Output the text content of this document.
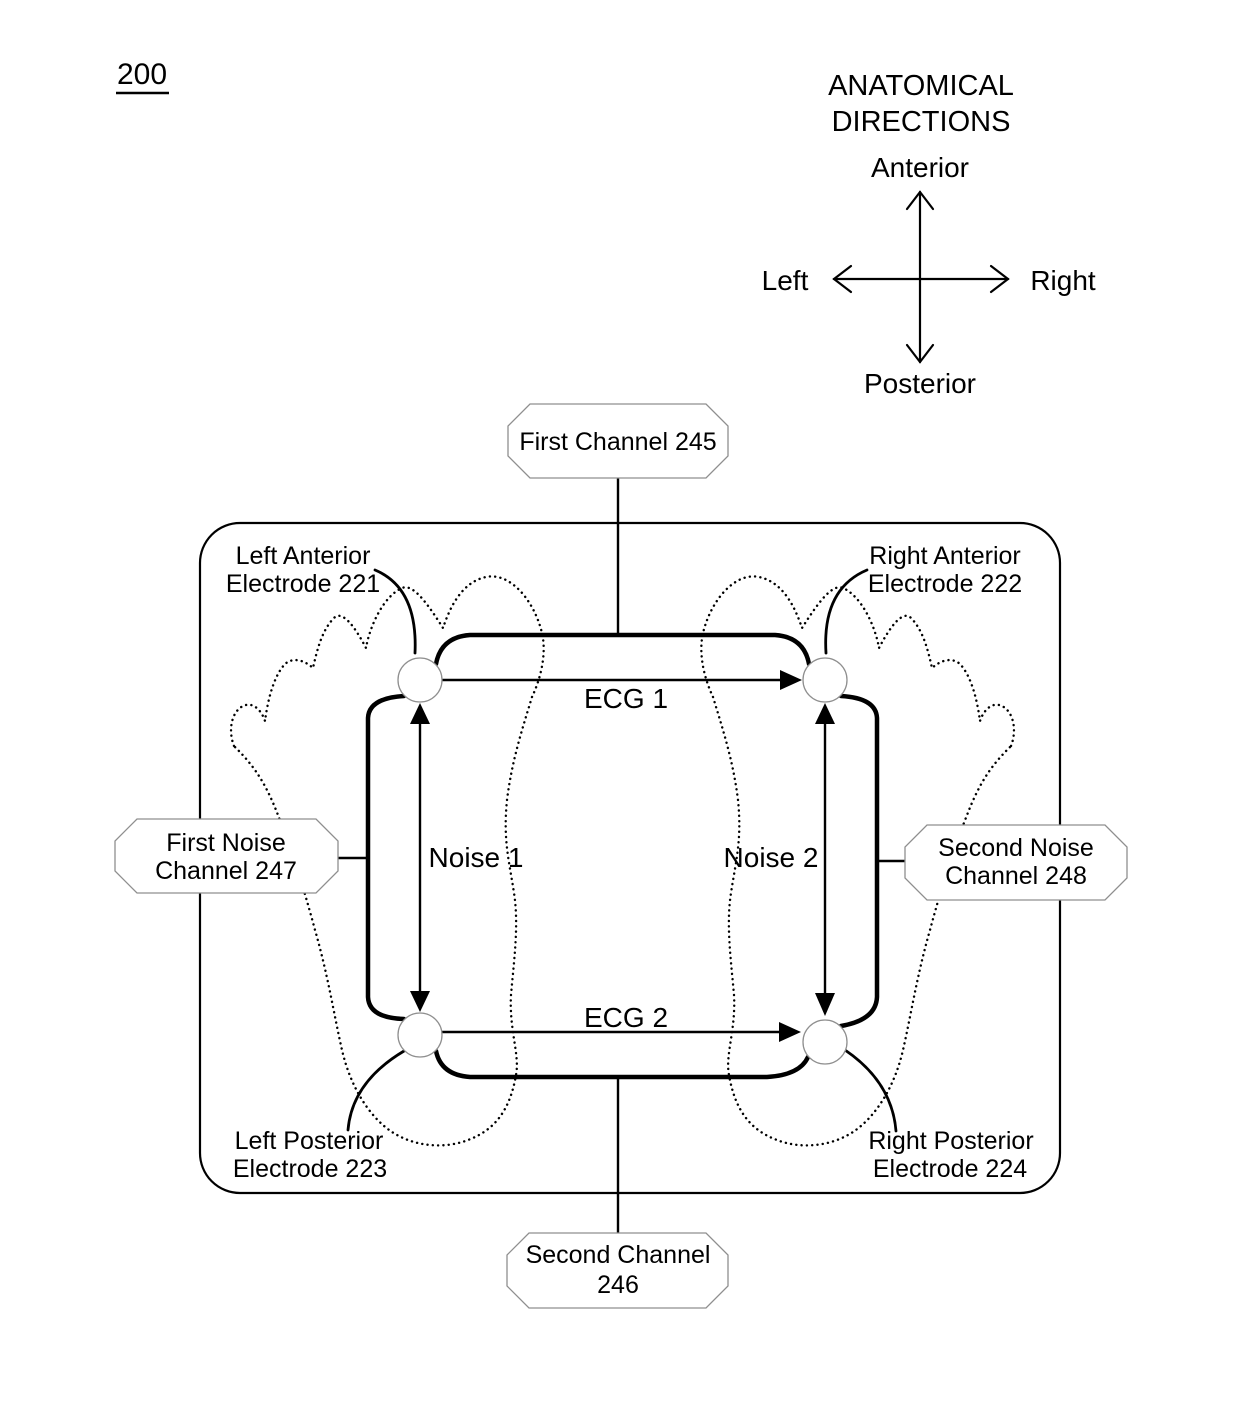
200	ANATOMICAL
DIRECTIONS
Anterior
Posterior
Left	Right
First Channel 245
Second Channel
246
First Noise
Channel 247
Second Noise
Channel 248
Left Anterior
Electrode 221
Right Anterior
Electrode 222
Left Posterior
Electrode 223
Right Posterior
Electrode 224
ECG 1
ECG 2
Noise 1	Noise 2
